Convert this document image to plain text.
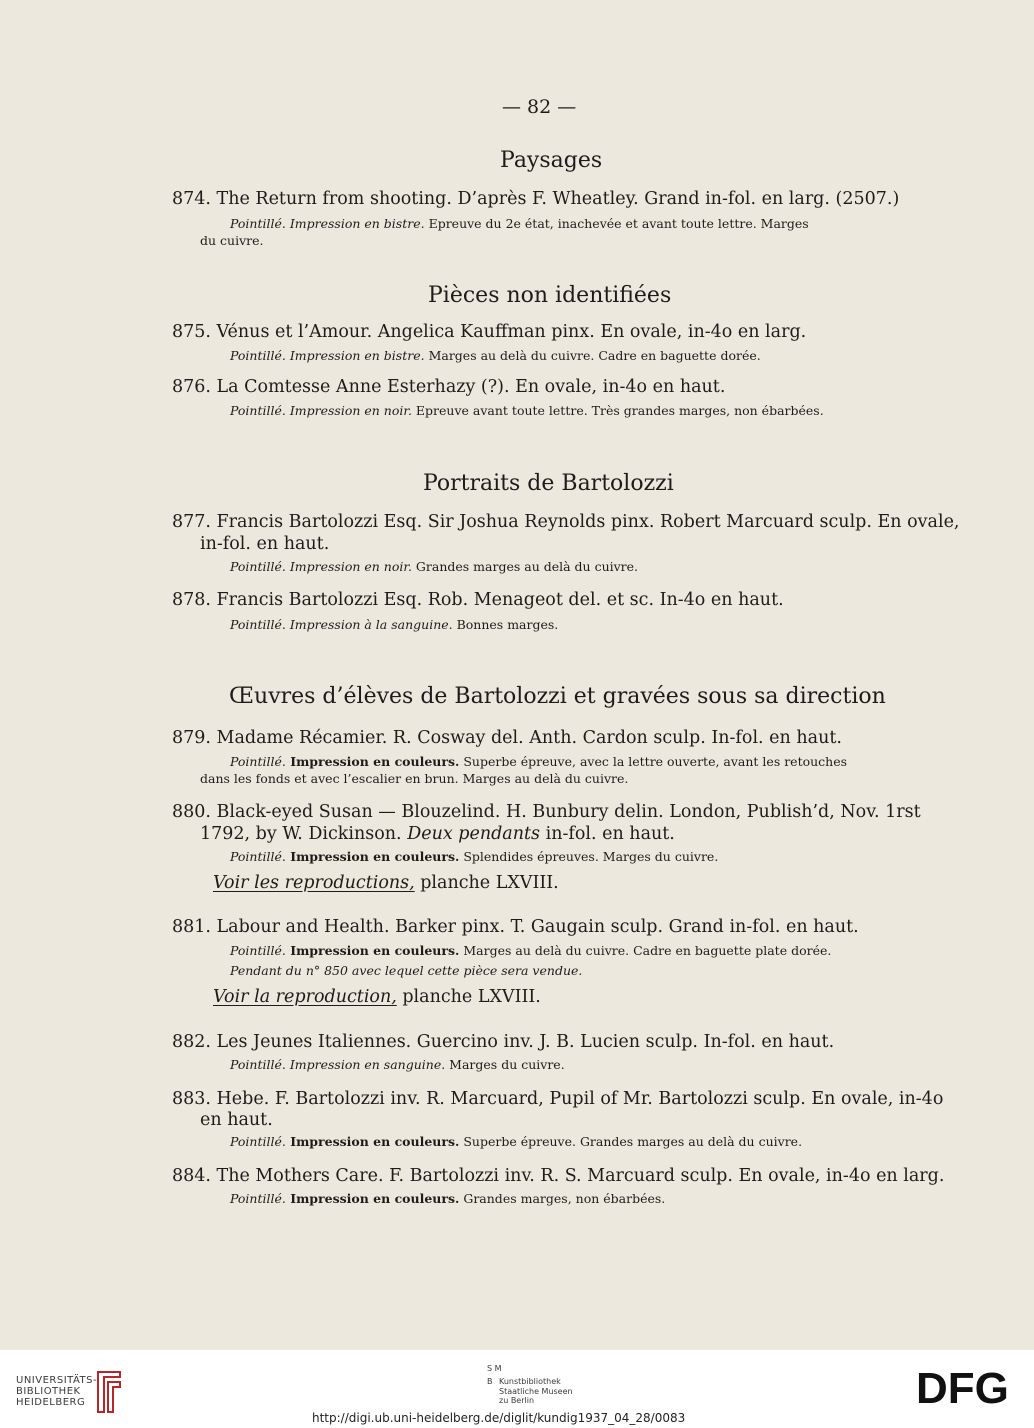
— 82 —
Paysages
874. The Return from shooting. D’après F. Wheatley. Grand in-fol. en larg. (2507.)
Pointillé. Impression en bistre. Epreuve du 2e état, inachevée et avant toute lettre. Marges
du cuivre.
Pièces non identifiées
875. Vénus et l’Amour. Angelica Kauffman pinx. En ovale, in-4o en larg.
Pointillé. Impression en bistre. Marges au delà du cuivre. Cadre en baguette dorée.
876. La Comtesse Anne Esterhazy (?). En ovale, in-4o en haut.
Pointillé. Impression en noir. Epreuve avant toute lettre. Très grandes marges, non ébarbées.
Portraits de Bartolozzi
877. Francis Bartolozzi Esq. Sir Joshua Reynolds pinx. Robert Marcuard sculp. En ovale,
in-fol. en haut.
Pointillé. Impression en noir. Grandes marges au delà du cuivre.
878. Francis Bartolozzi Esq. Rob. Menageot del. et sc. In-4o en haut.
Pointillé. Impression à la sanguine. Bonnes marges.
Œuvres d’élèves de Bartolozzi et gravées sous sa direction
879. Madame Récamier. R. Cosway del. Anth. Cardon sculp. In-fol. en haut.
Pointillé. Impression en couleurs. Superbe épreuve, avec la lettre ouverte, avant les retouches
dans les fonds et avec l’escalier en brun. Marges au delà du cuivre.
880. Black-eyed Susan — Blouzelind. H. Bunbury delin. London, Publish’d, Nov. 1rst
1792, by W. Dickinson. Deux pendants in-fol. en haut.
Pointillé. Impression en couleurs. Splendides épreuves. Marges du cuivre.
Voir les reproductions, planche LXVIII.
881. Labour and Health. Barker pinx. T. Gaugain sculp. Grand in-fol. en haut.
Pointillé. Impression en couleurs. Marges au delà du cuivre. Cadre en baguette plate dorée.
Pendant du n° 850 avec lequel cette pièce sera vendue.
Voir la reproduction, planche LXVIII.
882. Les Jeunes Italiennes. Guercino inv. J. B. Lucien sculp. In-fol. en haut.
Pointillé. Impression en sanguine. Marges du cuivre.
883. Hebe. F. Bartolozzi inv. R. Marcuard, Pupil of Mr. Bartolozzi sculp. En ovale, in-4o
en haut.
Pointillé. Impression en couleurs. Superbe épreuve. Grandes marges au delà du cuivre.
884. The Mothers Care. F. Bartolozzi inv. R. S. Marcuard sculp. En ovale, in-4o en larg.
Pointillé. Impression en couleurs. Grandes marges, non ébarbées.
UNIVERSITÄTS-
BIBLIOTHEK
HEIDELBERG
S M
B Kunstbibliothek
Staatliche Museen
zu Berlin	DFG
http://digi.ub.uni-heidelberg.de/diglit/kundig1937_04_28/0083
